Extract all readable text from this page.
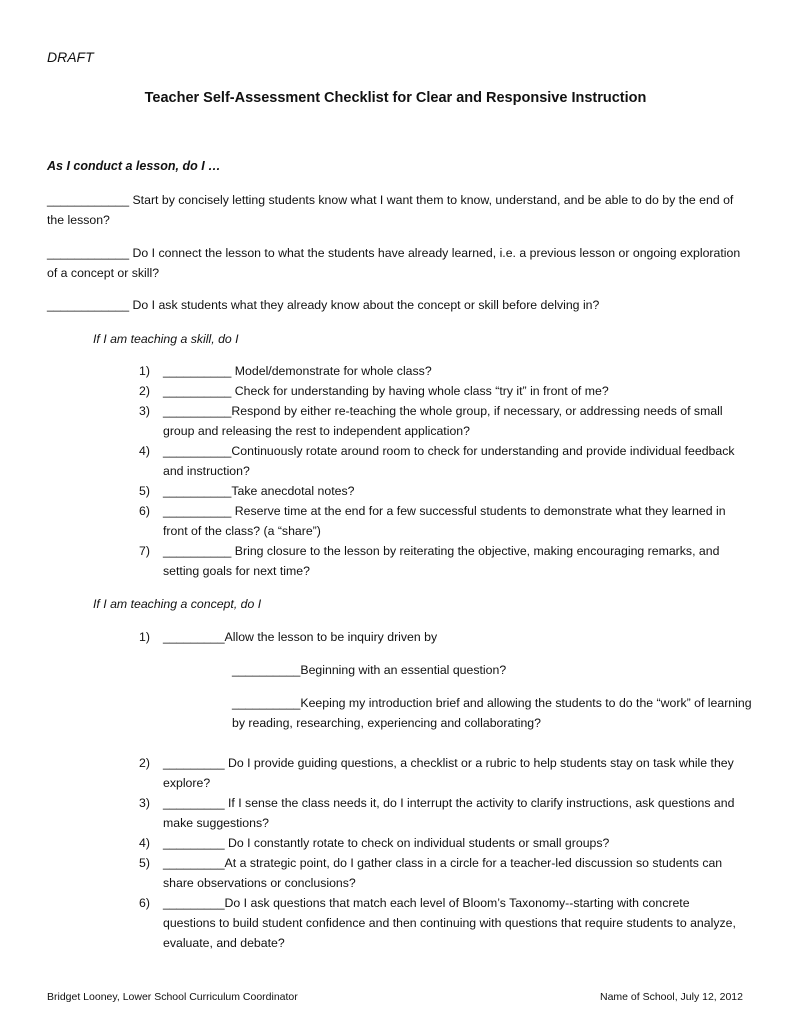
DRAFT
Teacher Self-Assessment Checklist for Clear and Responsive Instruction
As I conduct a lesson, do I …
____________ Start by concisely letting students know what I want them to know, understand, and be able to do by the end of the lesson?
____________ Do I connect the lesson to what the students have already learned, i.e. a previous lesson or ongoing exploration of a concept or skill?
____________ Do I ask students what they already know about the concept or skill before delving in?
If I am teaching a skill, do I
1) __________ Model/demonstrate for whole class?
2) __________ Check for understanding by having whole class “try it” in front of me?
3) __________Respond by either re-teaching the whole group, if necessary, or addressing needs of small group and releasing the rest to independent application?
4) __________Continuously rotate around room to check for understanding and provide individual feedback and instruction?
5) __________Take anecdotal notes?
6) __________ Reserve time at the end for a few successful students to demonstrate what they learned in front of the class? (a “share”)
7) __________ Bring closure to the lesson by reiterating the objective, making encouraging remarks, and setting goals for next time?
If I am teaching a concept, do I
1) _________Allow the lesson to be inquiry driven by
__________Beginning with an essential question?
__________Keeping my introduction brief and allowing the students to do the “work” of learning by reading, researching, experiencing and collaborating?
2) _________ Do I provide guiding questions, a checklist or a rubric to help students stay on task while they explore?
3) _________ If I sense the class needs it, do I interrupt the activity to clarify instructions, ask questions and make suggestions?
4) _________ Do I constantly rotate to check on individual students or small groups?
5) _________At a strategic point, do I gather class in a circle for a teacher-led discussion so students can share observations or conclusions?
6) _________Do I ask questions that match each level of Bloom’s Taxonomy--starting with concrete questions to build student confidence and then continuing with questions that require students to analyze, evaluate, and debate?
Bridget Looney, Lower School Curriculum Coordinator	Name of School, July 12, 2012
